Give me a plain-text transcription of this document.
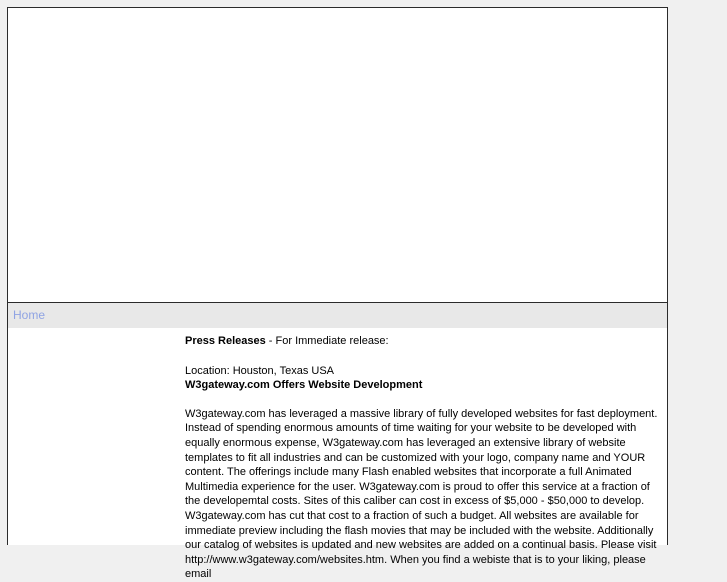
Home

Press Releases - For Immediate release:

Location: Houston, Texas USA

W3gateway.com Offers Website Development

W3gateway.com has leveraged a massive library of fully developed websites for fast deployment. Instead of spending enormous amounts of time waiting for your website to be developed with equally enormous expense, W3gateway.com has leveraged an extensive library of website templates to fit all industries and can be customized with your logo, company name and YOUR content. The offerings include many Flash enabled websites that incorporate a full Animated Multimedia experience for the user. W3gateway.com is proud to offer this service at a fraction of the developemtal costs. Sites of this caliber can cost in excess of $5,000 - $50,000 to develop. W3gateway.com has cut that cost to a fraction of such a budget. All websites are available for immediate preview including the flash movies that may be included with the website. Additionally our catalog of websites is updated and new websites are added on a continual basis. Please visit http://www.w3gateway.com/websites.htm. When you find a webiste that is to your liking, please email
